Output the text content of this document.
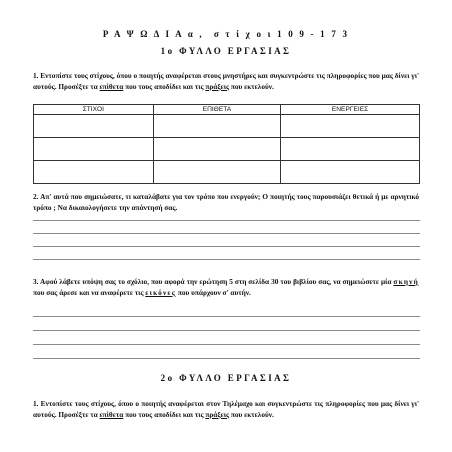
Ρ Α Ψ Ω Δ Ι Α α , σ τ ί χ ο ι 1 0 9 - 1 7 3
1ο ΦΥΛΛΟ ΕΡΓΑΣΙΑΣ
1. Εντοπίστε τους στίχους, όπου ο ποιητής αναφέρεται στους μνηστήρες και συγκεντρώστε τις πληροφορίες που μας δίνει γι' αυτούς. Προσέξτε τα επίθετα που τους αποδίδει και τις πράξεις που εκτελούν.
ΣΤΙΧΟΙ	ΕΠΙΘΕΤΑ	ΕΝΕΡΓΕΙΕΣ

2. Απ' αυτά που σημειώσατε, τι καταλάβατε για τον τρόπο που ενεργούν; Ο ποιητής τους παρουσιάζει θετικά ή με αρνητικό τρόπο ; Να δικαιολογήσετε την απάντησή σας.
3. Αφού λάβετε υπόψη σας το σχόλιο, που αφορά την ερώτηση 5 στη σελίδα 30 του βιβλίου σας, να σημειώσετε μία σκηνή που σας άρεσε και να αναφέρετε τις εικόνες που υπάρχουν σ' αυτήν.
2ο ΦΥΛΛΟ ΕΡΓΑΣΙΑΣ
1. Εντοπίστε τους στίχους, όπου ο ποιητής αναφέρεται στον Τηλέμαχο και συγκεντρώστε τις πληροφορίες που μας δίνει γι' αυτούς. Προσέξτε τα επίθετα που τους αποδίδει και τις πράξεις που εκτελούν.
